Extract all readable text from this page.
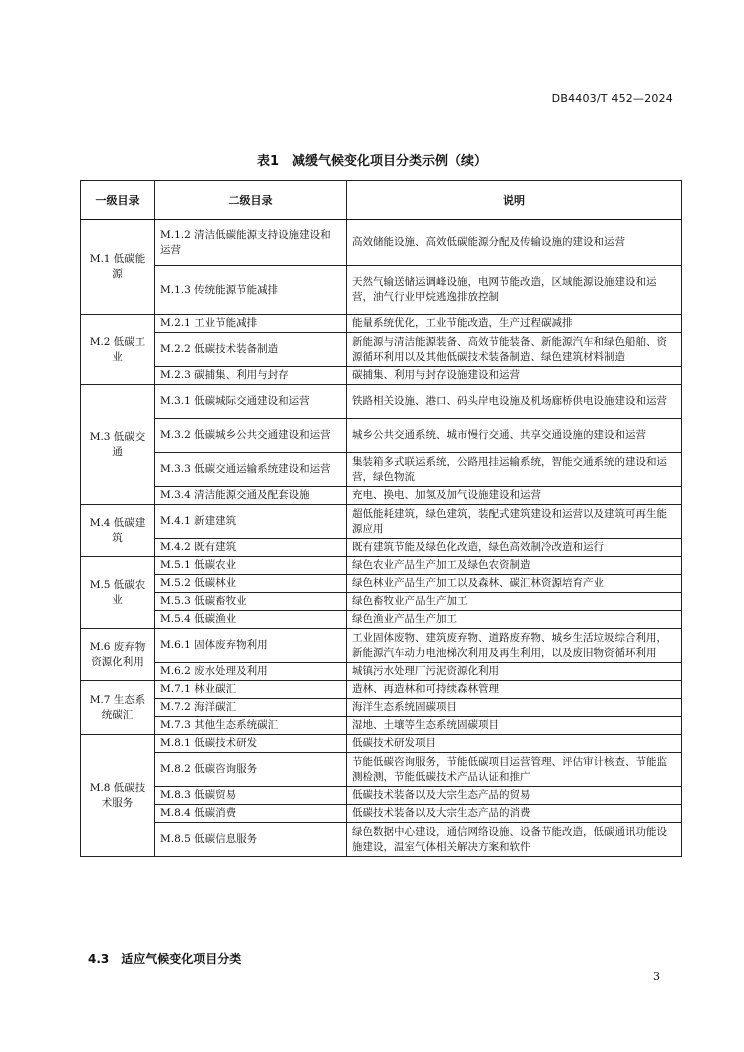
DB4403/T 452—2024
表1　减缓气候变化项目分类示例（续）
一级目录	二级目录	说明
M.1 低碳能源	M.1.2 清洁低碳能源支持设施建设和运营	高效储能设施、高效低碳能源分配及传输设施的建设和运营
	M.1.3 传统能源节能减排	天然气输送储运调峰设施，电网节能改造，区域能源设施建设和运营，油气行业甲烷逃逸排放控制
M.2 低碳工业	M.2.1 工业节能减排	能量系统优化，工业节能改造，生产过程碳减排
	M.2.2 低碳技术装备制造	新能源与清洁能源装备、高效节能装备、新能源汽车和绿色船舶、资源循环利用以及其他低碳技术装备制造、绿色建筑材料制造
	M.2.3 碳捕集、利用与封存	碳捕集、利用与封存设施建设和运营
M.3 低碳交通	M.3.1 低碳城际交通建设和运营	铁路相关设施、港口、码头岸电设施及机场廊桥供电设施建设和运营
	M.3.2 低碳城乡公共交通建设和运营	城乡公共交通系统、城市慢行交通、共享交通设施的建设和运营
	M.3.3 低碳交通运输系统建设和运营	集装箱多式联运系统，公路甩挂运输系统，智能交通系统的建设和运营，绿色物流
	M.3.4 清洁能源交通及配套设施	充电、换电、加氢及加气设施建设和运营
M.4 低碳建筑	M.4.1 新建建筑	超低能耗建筑，绿色建筑，装配式建筑建设和运营以及建筑可再生能源应用
	M.4.2 既有建筑	既有建筑节能及绿色化改造，绿色高效制冷改造和运行
M.5 低碳农业	M.5.1 低碳农业	绿色农业产品生产加工及绿色农资制造
	M.5.2 低碳林业	绿色林业产品生产加工以及森林、碳汇林资源培育产业
	M.5.3 低碳畜牧业	绿色畜牧业产品生产加工
	M.5.4 低碳渔业	绿色渔业产品生产加工
M.6 废弃物资源化利用	M.6.1 固体废弃物利用	工业固体废物、建筑废弃物、道路废弃物、城乡生活垃圾综合利用，新能源汽车动力电池梯次利用及再生利用，以及废旧物资循环利用
	M.6.2 废水处理及利用	城镇污水处理厂污泥资源化利用
M.7 生态系统碳汇	M.7.1 林业碳汇	造林、再造林和可持续森林管理
	M.7.2 海洋碳汇	海洋生态系统固碳项目
	M.7.3 其他生态系统碳汇	湿地、土壤等生态系统固碳项目
M.8 低碳技术服务	M.8.1 低碳技术研发	低碳技术研发项目
	M.8.2 低碳咨询服务	节能低碳咨询服务，节能低碳项目运营管理、评估审计核查、节能监测检测，节能低碳技术产品认证和推广
	M.8.3 低碳贸易	低碳技术装备以及大宗生态产品的贸易
	M.8.4 低碳消费	低碳技术装备以及大宗生态产品的消费
	M.8.5 低碳信息服务	绿色数据中心建设，通信网络设施、设备节能改造，低碳通讯功能设施建设，温室气体相关解决方案和软件
4.3　适应气候变化项目分类
3
